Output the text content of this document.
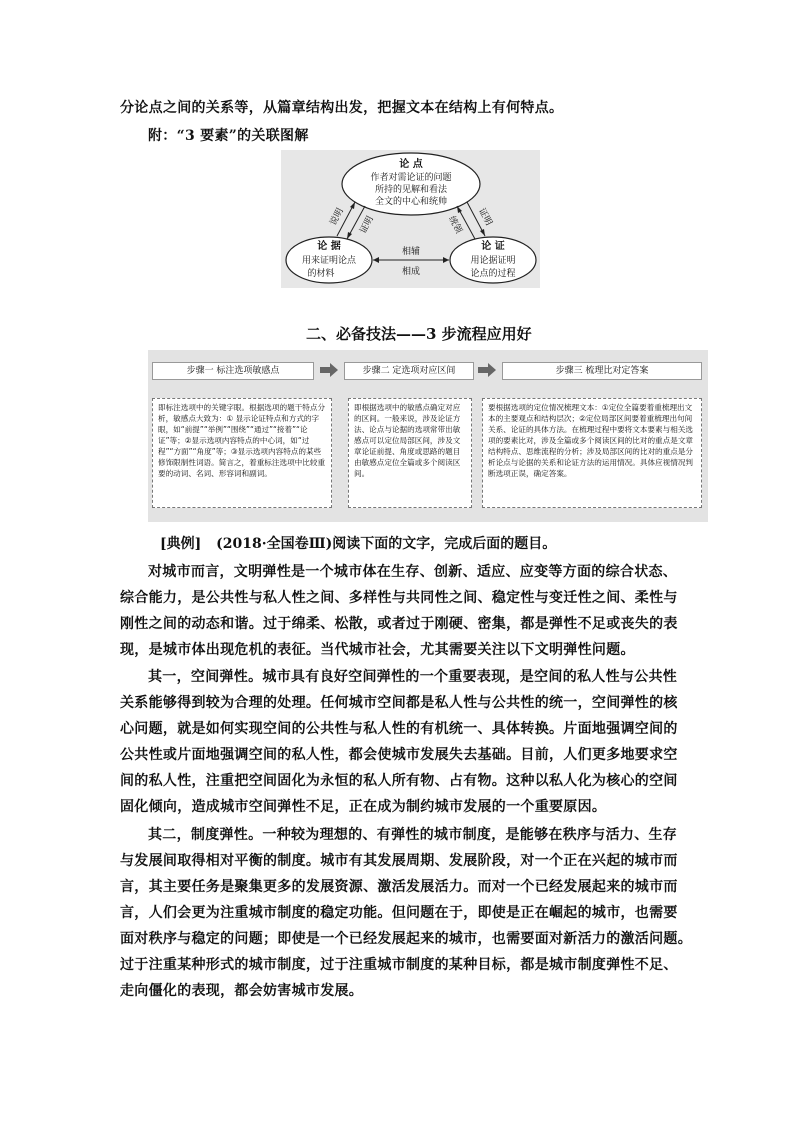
分论点之间的关系等，从篇章结构出发，把握文本在结构上有何特点。
附：“3 要素”的关联图解
论 点
作者对需论证的问题
所持的见解和看法
全文的中心和统帅
论 据
用来证明论点
的材料
论 证
用论据证明
论点的过程
说明 证明	证明
统领
相辅
相成
二、必备技法——3 步流程应用好
步骤一 标注选项敏感点	步骤二 定选项对应区间	步骤三 梳理比对定答案
即标注选项中的关键字眼。根据选项的题干特点分析，敏感点大致为：① 显示论证特点和方式的字眼，如“前提”“举例”“围绕”“通过”“接着”“论证”等；②显示选项内容特点的中心词，如“过程”“方面”“角度”等；③显示选项内容特点的某些修饰限制性词语。简言之，着重标注选项中比较重要的动词、名词、形容词和副词。
即根据选项中的敏感点确定对应的区间。一般来说，涉及论证方法、论点与论据的选项常带出敏感点可以定位局部区间，涉及文章论证前提、角度或思路的题目由敏感点定位全篇或多个阅读区间。
要根据选项的定位情况梳理文本：①定位全篇要着重梳理出文本的主要观点和结构层次；②定位局部区间要着重梳理出句间关系、论证的具体方法。在梳理过程中要将文本要素与相关选项的要素比对，涉及全篇或多个阅读区间的比对的重点是文章结构特点、思维流程的分析；涉及局部区间的比对的重点是分析论点与论据的关系和论证方法的运用情况。具体应视情况判断选项正误，确定答案。
[典例] (2018·全国卷Ⅲ)阅读下面的文字，完成后面的题目。
对城市而言，文明弹性是一个城市体在生存、创新、适应、应变等方面的综合状态、
综合能力，是公共性与私人性之间、多样性与共同性之间、稳定性与变迁性之间、柔性与
刚性之间的动态和谐。过于绵柔、松散，或者过于刚硬、密集，都是弹性不足或丧失的表
现，是城市体出现危机的表征。当代城市社会，尤其需要关注以下文明弹性问题。
其一，空间弹性。城市具有良好空间弹性的一个重要表现，是空间的私人性与公共性
关系能够得到较为合理的处理。任何城市空间都是私人性与公共性的统一，空间弹性的核
心问题，就是如何实现空间的公共性与私人性的有机统一、具体转换。片面地强调空间的
公共性或片面地强调空间的私人性，都会使城市发展失去基础。目前，人们更多地要求空
间的私人性，注重把空间固化为永恒的私人所有物、占有物。这种以私人化为核心的空间
固化倾向，造成城市空间弹性不足，正在成为制约城市发展的一个重要原因。
其二，制度弹性。一种较为理想的、有弹性的城市制度，是能够在秩序与活力、生存
与发展间取得相对平衡的制度。城市有其发展周期、发展阶段，对一个正在兴起的城市而
言，其主要任务是聚集更多的发展资源、激活发展活力。而对一个已经发展起来的城市而
言，人们会更为注重城市制度的稳定功能。但问题在于，即使是正在崛起的城市，也需要
面对秩序与稳定的问题；即使是一个已经发展起来的城市，也需要面对新活力的激活问题。
过于注重某种形式的城市制度，过于注重城市制度的某种目标，都是城市制度弹性不足、
走向僵化的表现，都会妨害城市发展。
